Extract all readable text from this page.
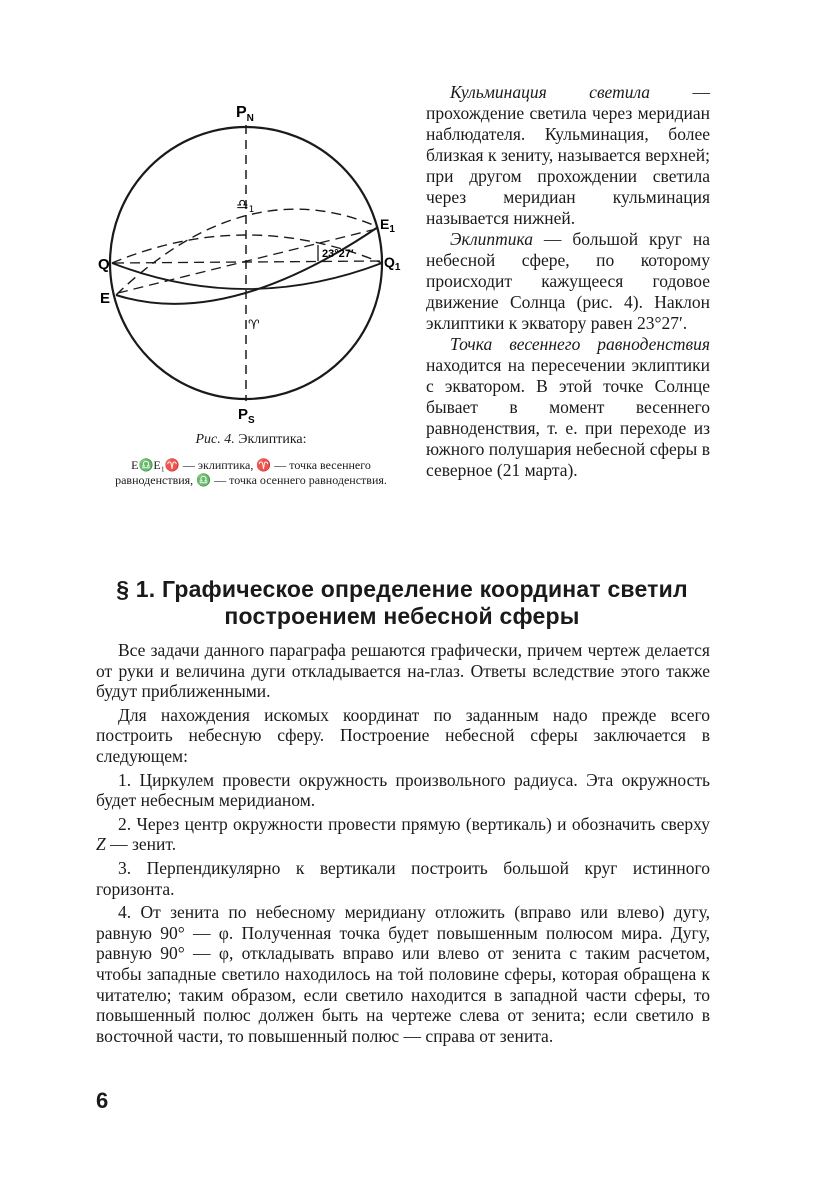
$P_N$
$P_S$
Q	$Q_1$
E
$E_1$
23°27′
$♎_1$
♈
Рис. 4. Эклиптика:
E♎E₁♈ — эклиптика, ♈ — точка весеннего равноденствия, ♎ — точка осеннего равноденствия.

Кульминация светила — прохождение светила через меридиан наблюдателя. Кульминация, более близкая к зениту, называется верхней; при другом прохождении светила через меридиан кульминация называется нижней.

Эклиптика — большой круг на небесной сфере, по которому происходит кажущееся годовое движение Солнца (рис. 4). Наклон эклиптики к экватору равен 23°27′.

Точка весеннего равноденствия находится на пересечении эклиптики с экватором. В этой точке Солнце бывает в момент весеннего равноденствия, т. е. при переходе из южного полушария небесной сферы в северное (21 марта).

§ 1. Графическое определение координат светил построением небесной сферы

Все задачи данного параграфа решаются графически, причем чертеж делается от руки и величина дуги откладывается на-глаз. Ответы вследствие этого также будут приближенными.

Для нахождения искомых координат по заданным надо прежде всего построить небесную сферу. Построение небесной сферы заключается в следующем:

1. Циркулем провести окружность произвольного радиуса. Эта окружность будет небесным меридианом.

2. Через центр окружности провести прямую (вертикаль) и обозначить сверху Z — зенит.

3. Перпендикулярно к вертикали построить большой круг истинного горизонта.

4. От зенита по небесному меридиану отложить (вправо или влево) дугу, равную 90° — φ. Полученная точка будет повышенным полюсом мира. Дугу, равную 90° — φ, откладывать вправо или влево от зенита с таким расчетом, чтобы западные светило находилось на той половине сферы, которая обращена к читателю; таким образом, если светило находится в западной части сферы, то повышенный полюс должен быть на чертеже слева от зенита; если светило в восточной части, то повышенный полюс — справа от зенита.

6
